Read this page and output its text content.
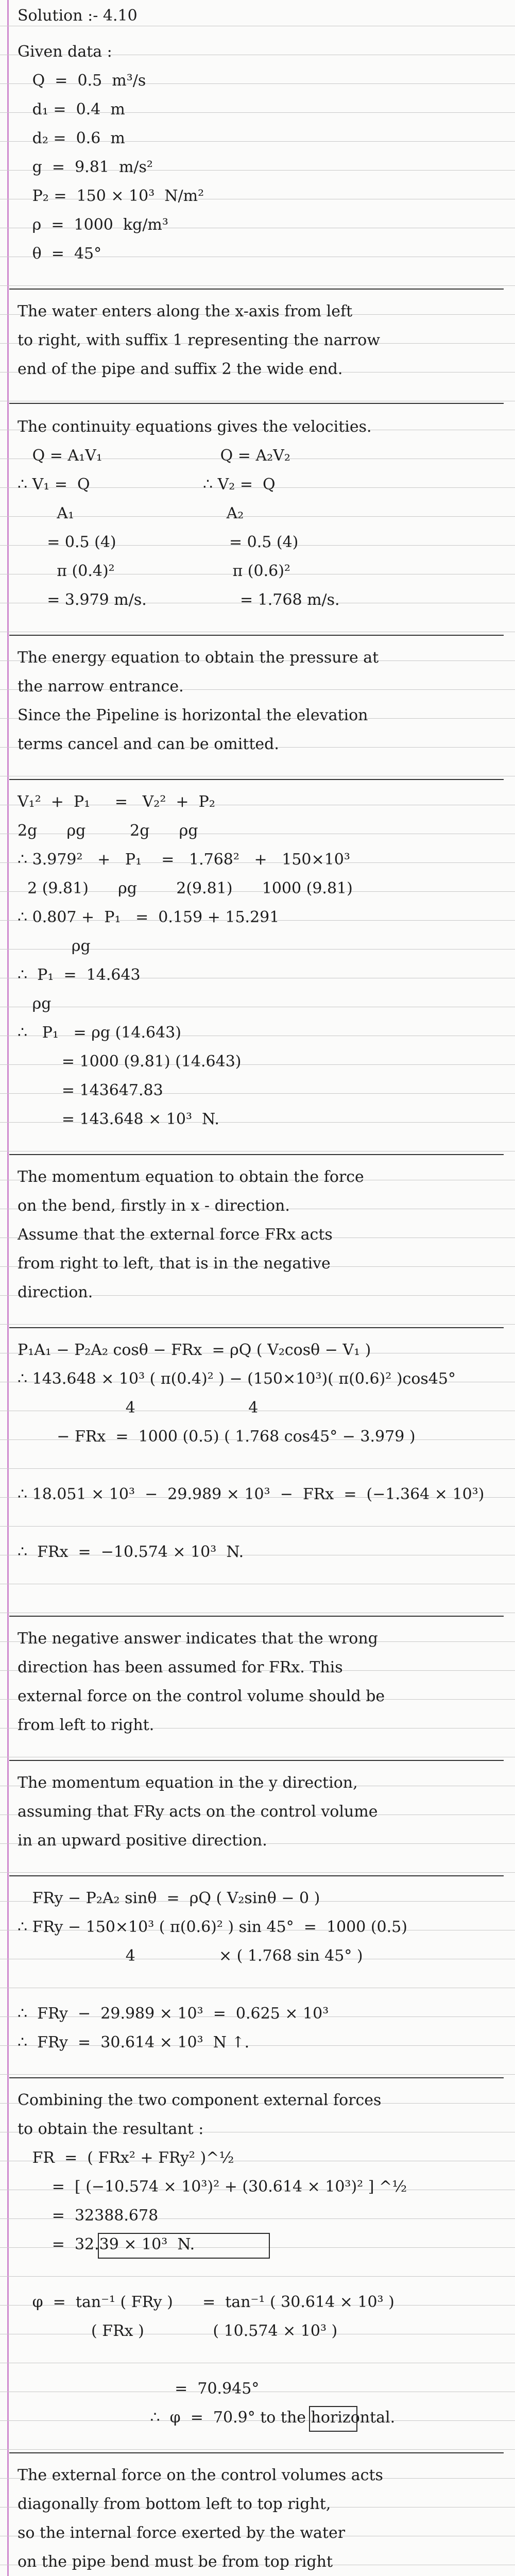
Solution :- 4.10
Given data :
Q  =  0.5  m³/s
d₁ =  0.4  m
d₂ =  0.6  m
g  =  9.81  m/s²
P₂ =  150 × 10³  N/m²
ρ  =  1000  kg/m³
θ  =  45°
The water enters along the x-axis from left
to right, with suffix 1 representing the narrow
end of the pipe and suffix 2 the wide end.
The continuity equations gives the velocities.
Q = A₁V₁                        Q = A₂V₂
∴ V₁ =  Q                       ∴ V₂ =  Q
A₁                               A₂
= 0.5 (4)                       = 0.5 (4)
π (0.4)²                        π (0.6)²
= 3.979 m/s.                   = 1.768 m/s.
The energy equation to obtain the pressure at
the narrow entrance.
Since the Pipeline is horizontal the elevation
terms cancel and can be omitted.
V₁²  +  P₁     =   V₂²  +  P₂
2g      ρg         2g      ρg
∴ 3.979²   +   P₁    =   1.768²   +   150×10³
2 (9.81)      ρg        2(9.81)      1000 (9.81)
∴ 0.807 +  P₁   =  0.159 + 15.291
ρg
∴  P₁  =  14.643
ρg
∴   P₁   = ρg (14.643)
= 1000 (9.81) (14.643)
= 143647.83
= 143.648 × 10³  N.
The momentum equation to obtain the force
on the bend, firstly in x - direction.
Assume that the external force FRx acts
from right to left, that is in the negative
direction.
P₁A₁ − P₂A₂ cosθ − FRx  = ρQ ( V₂cosθ − V₁ )
∴ 143.648 × 10³ ( π(0.4)² ) − (150×10³)( π(0.6)² )cos45°
4                       4
− FRx  =  1000 (0.5) ( 1.768 cos45° − 3.979 )
∴ 18.051 × 10³  −  29.989 × 10³  −  FRx  =  (−1.364 × 10³)
∴  FRx  =  −10.574 × 10³  N.
The negative answer indicates that the wrong
direction has been assumed for FRx. This
external force on the control volume should be
from left to right.
The momentum equation in the y direction,
assuming that FRy acts on the control volume
in an upward positive direction.
FRy − P₂A₂ sinθ  =  ρQ ( V₂sinθ − 0 )
∴ FRy − 150×10³ ( π(0.6)² ) sin 45°  =  1000 (0.5)
4                 × ( 1.768 sin 45° )
∴  FRy  −  29.989 × 10³  =  0.625 × 10³
∴  FRy  =  30.614 × 10³  N ↑.
Combining the two component external forces
to obtain the resultant :
FR  =  ( FRx² + FRy² )^½
=  [ (−10.574 × 10³)² + (30.614 × 10³)² ] ^½
=  32388.678
=  32.39 × 10³  N.
φ  =  tan⁻¹ ( FRy )      =  tan⁻¹ ( 30.614 × 10³ )
( FRx )              ( 10.574 × 10³ )
=  70.945°
∴  φ  =  70.9° to the horizontal.
The external force on the control volumes acts
diagonally from bottom left to top right,
so the internal force exerted by the water
on the pipe bend must be from top right
